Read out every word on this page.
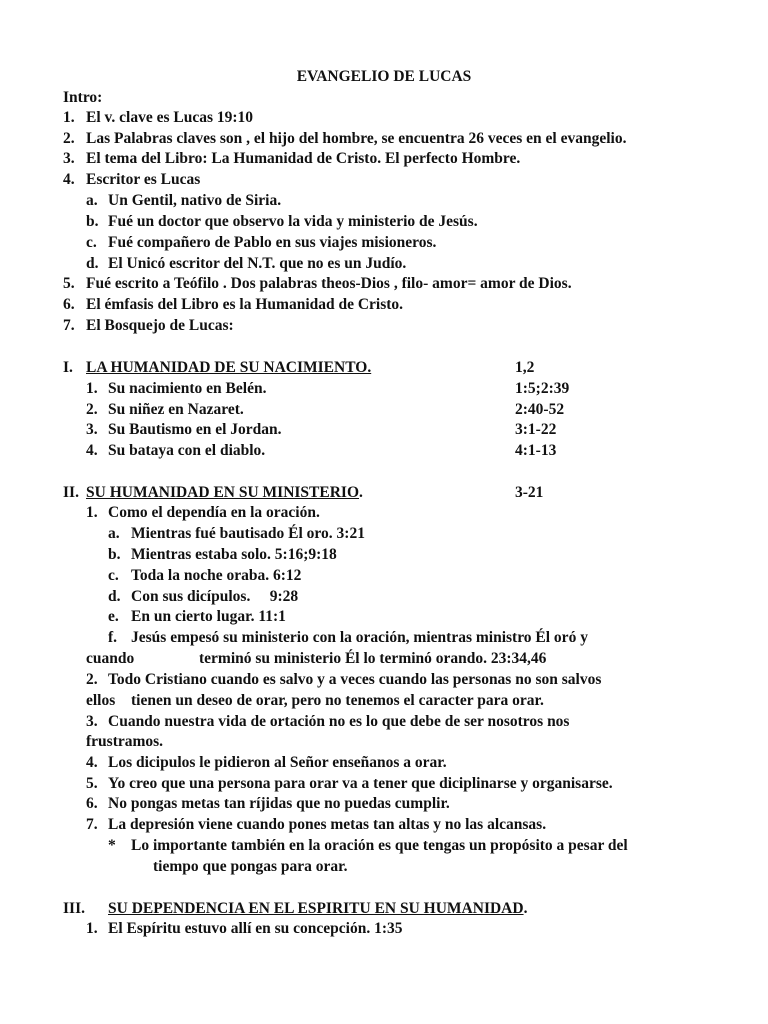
EVANGELIO DE LUCAS
Intro:
1. El v. clave es Lucas 19:10
2. Las Palabras claves son , el hijo del hombre, se encuentra 26 veces en el evangelio.
3. El tema del Libro: La Humanidad de Cristo. El perfecto Hombre.
4. Escritor es Lucas
a. Un Gentil, nativo de Siria.
b. Fué un doctor que observo la vida y ministerio de Jesús.
c. Fué compañero de Pablo en sus viajes misioneros.
d. El Unicó escritor del N.T. que no es un Judío.
5. Fué escrito a Teófilo . Dos palabras theos-Dios , filo- amor= amor de Dios.
6. El émfasis del Libro es la Humanidad de Cristo.
7. El Bosquejo de Lucas:
I. LA HUMANIDAD DE SU NACIMIENTO.	1,2
1. Su nacimiento en Belén.	1:5;2:39
2. Su niñez en Nazaret.	2:40-52
3. Su Bautismo en el Jordan.	3:1-22
4. Su bataya con el diablo.	4:1-13
II. SU HUMANIDAD EN SU MINISTERIO.	3-21
1. Como el dependía en la oración.
a. Mientras fué bautisado Él oro. 3:21
b. Mientras estaba solo. 5:16;9:18
c. Toda la noche oraba. 6:12
d. Con sus dicípulos.     9:28
e. En un cierto lugar. 11:1
f. Jesús empesó su ministerio con la oración, mientras ministro Él oró y
cuando	terminó su ministerio Él lo terminó orando. 23:34,46
2. Todo Cristiano cuando es salvo y a veces cuando las personas no son salvos
ellos tienen un deseo de orar, pero no tenemos el caracter para orar.
3. Cuando nuestra vida de ortación no es lo que debe de ser nosotros nos
frustramos.
4. Los dicipulos le pidieron al Señor enseñanos a orar.
5. Yo creo que una persona para orar va a tener que diciplinarse y organisarse.
6. No pongas metas tan ríjidas que no puedas cumplir.
7. La depresión viene cuando pones metas tan altas y no las alcansas.
* Lo importante también en la oración es que tengas un propósito a pesar del
tiempo que pongas para orar.
III. SU DEPENDENCIA EN EL ESPIRITU EN SU HUMANIDAD.
1. El Espíritu estuvo allí en su concepción. 1:35
